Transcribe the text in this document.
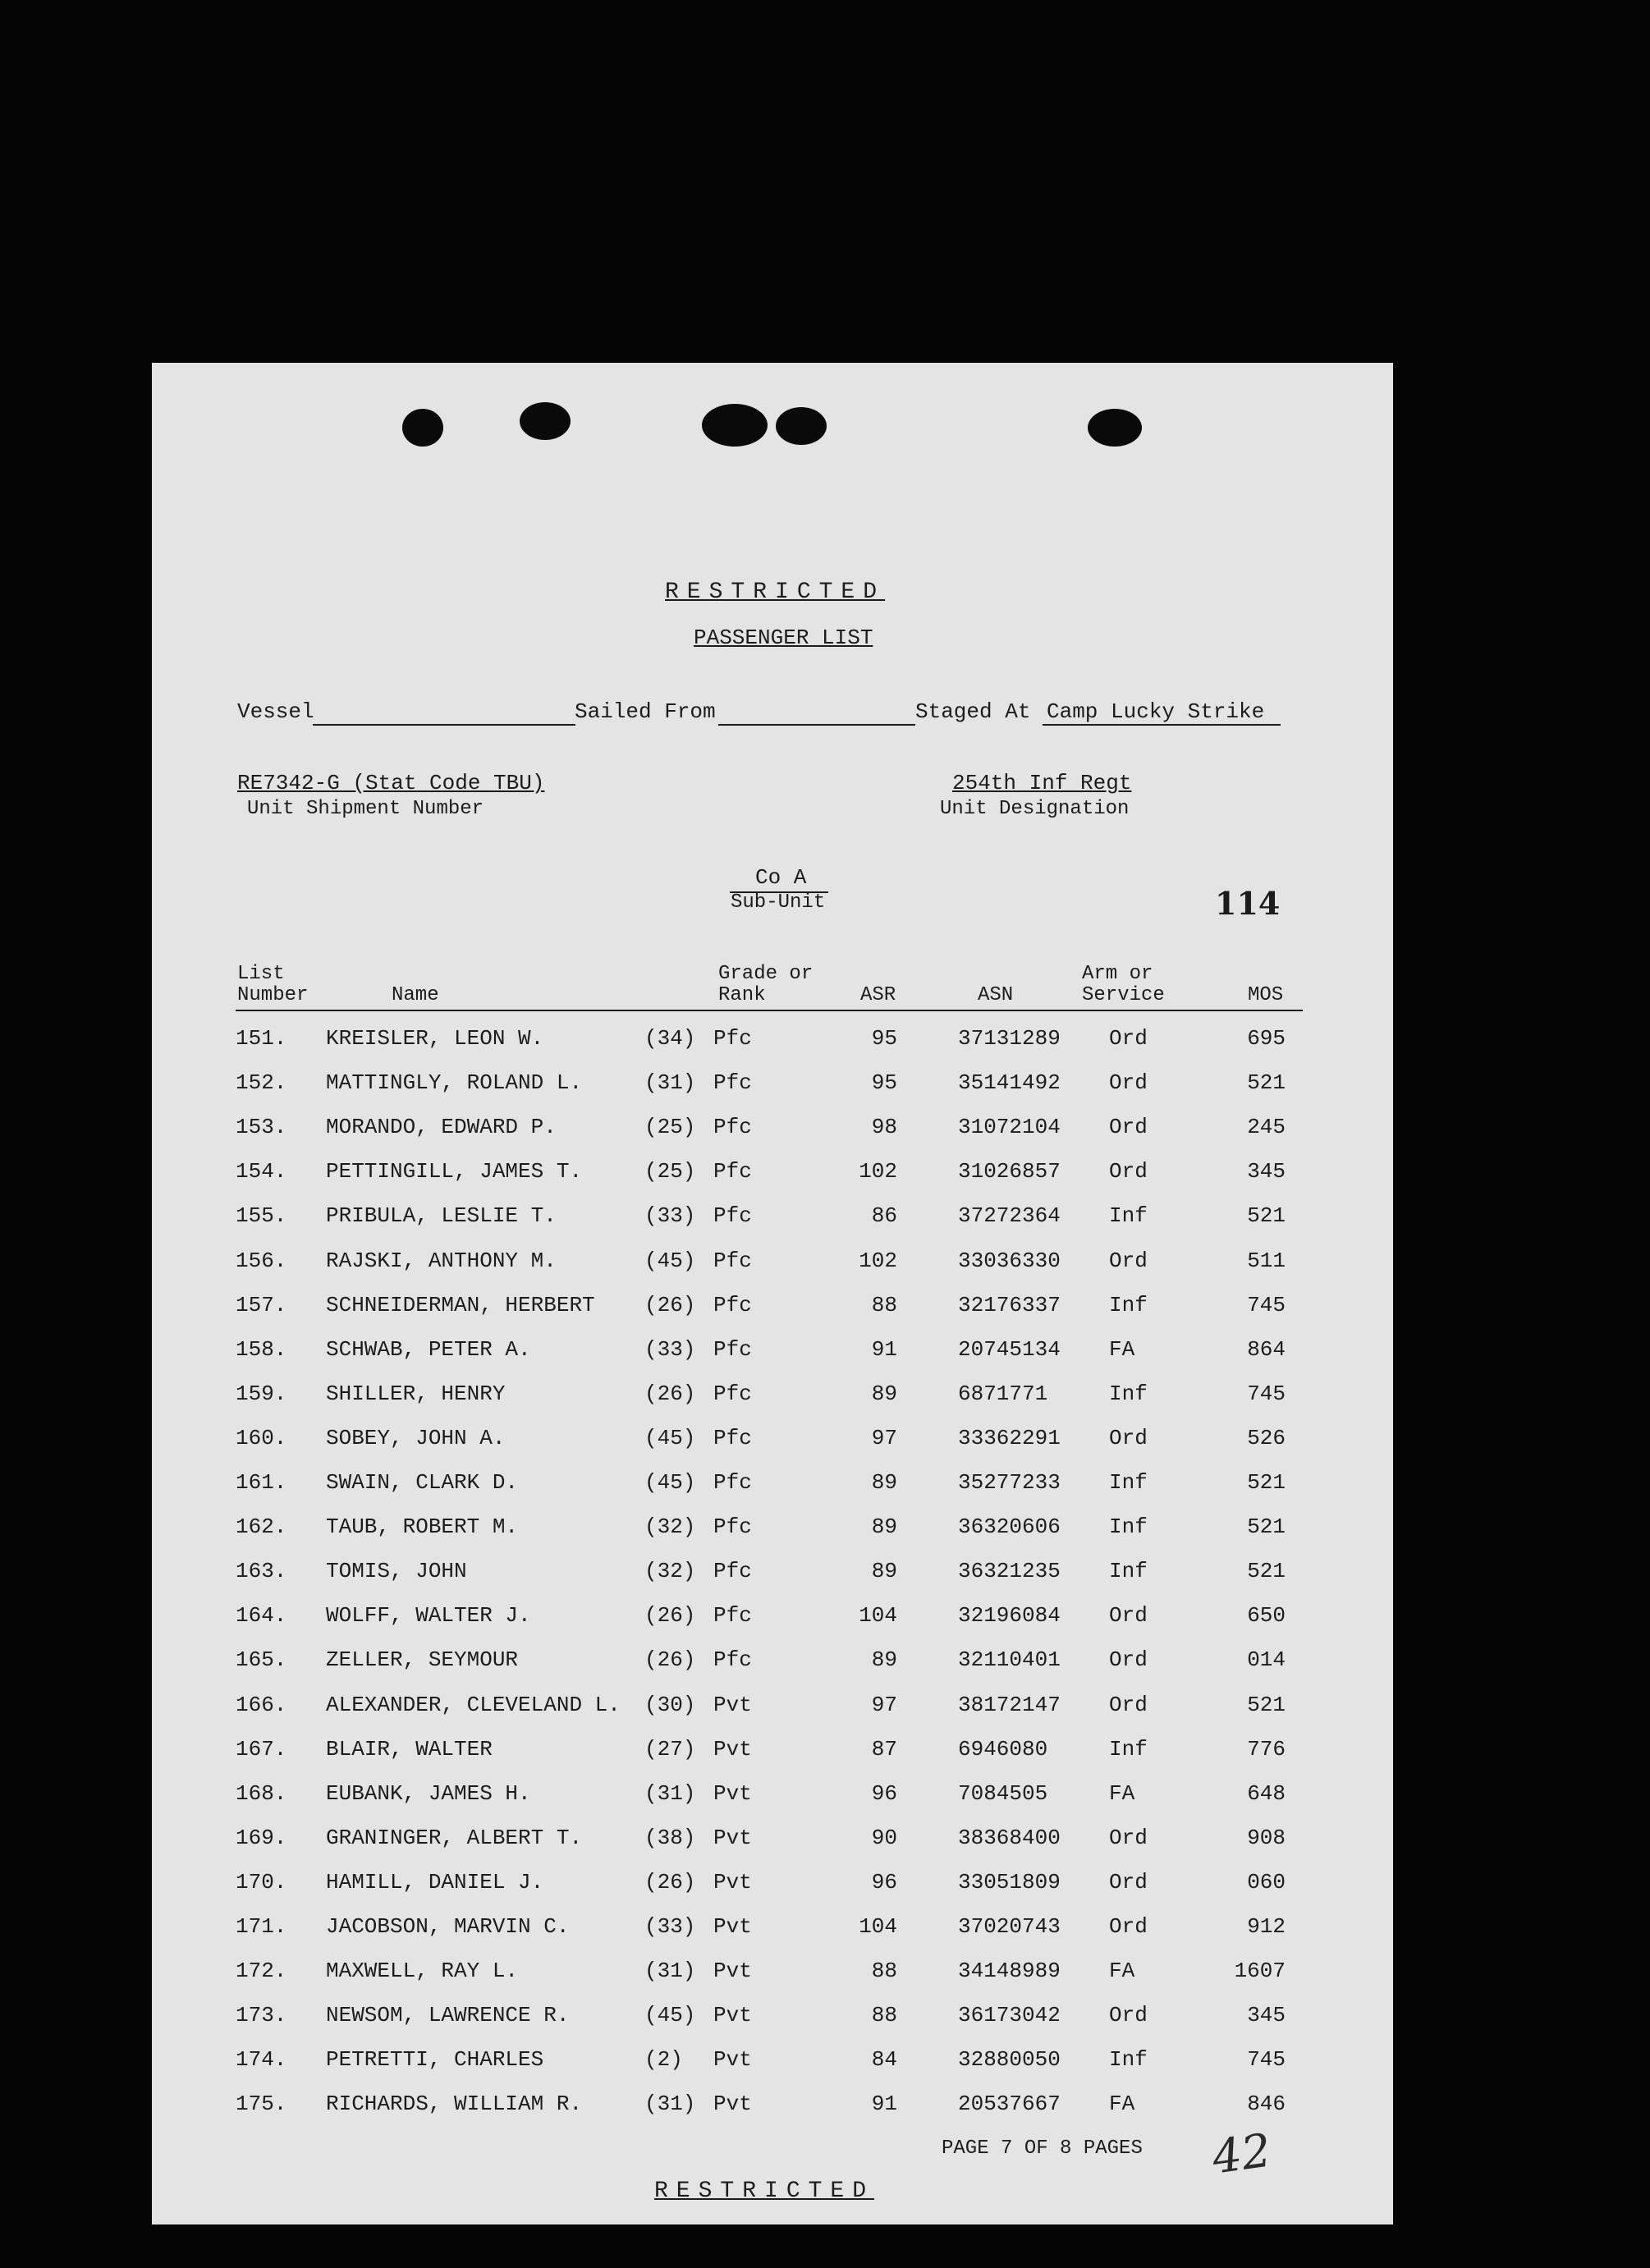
RESTRICTED
PASSENGER LIST
Vessel	Sailed From	Staged At Camp Lucky Strike
RE7342-G (Stat Code TBU)
Unit Shipment Number
254th Inf Regt
Unit Designation
Co A
Sub-Unit	114
List Number	Name
Grade or Rank	ASR	ASN
Arm or Service	MOS
151. KREISLER, LEON W.	(34) Pfc	95	37131289 Ord	695
152. MATTINGLY, ROLAND L.	(31) Pfc	95	35141492 Ord	521
153. MORANDO, EDWARD P.	(25) Pfc	98	31072104 Ord	245
154. PETTINGILL, JAMES T.	(25) Pfc	102	31026857 Ord	345
155. PRIBULA, LESLIE T.	(33) Pfc	86	37272364 Inf	521
156. RAJSKI, ANTHONY M.	(45) Pfc	102	33036330 Ord	511
157. SCHNEIDERMAN, HERBERT (26) Pfc	88	32176337 Inf	745
158. SCHWAB, PETER A.	(33) Pfc	91	20745134 FA	864
159. SHILLER, HENRY	(26) Pfc	89	6871771	Inf	745
160. SOBEY, JOHN A.	(45) Pfc	97	33362291 Ord	526
161. SWAIN, CLARK D.	(45) Pfc	89	35277233 Inf	521
162. TAUB, ROBERT M.	(32) Pfc	89	36320606 Inf	521
163. TOMIS, JOHN	(32) Pfc	89	36321235 Inf	521
164. WOLFF, WALTER J.	(26) Pfc	104	32196084 Ord	650
165. ZELLER, SEYMOUR	(26) Pfc	89	32110401 Ord	014
166. ALEXANDER, CLEVELAND L. (30) Pvt	97	38172147 Ord	521
167. BLAIR, WALTER	(27) Pvt	87	6946080	Inf	776
168. EUBANK, JAMES H.	(31) Pvt	96	7084505	FA	648
169. GRANINGER, ALBERT T.	(38) Pvt	90	38368400 Ord	908
170. HAMILL, DANIEL J.	(26) Pvt	96	33051809 Ord	060
171. JACOBSON, MARVIN C.	(33) Pvt	104	37020743 Ord	912
172. MAXWELL, RAY L.	(31) Pvt	88	34148989 FA	1607
173. NEWSOM, LAWRENCE R.	(45) Pvt	88	36173042 Ord	345
174. PETRETTI, CHARLES	(2) Pvt	84	32880050 Inf	745
175. RICHARDS, WILLIAM R.	(31) Pvt	91	20537667 FA	846
PAGE 7 OF 8 PAGES 42
RESTRICTED
